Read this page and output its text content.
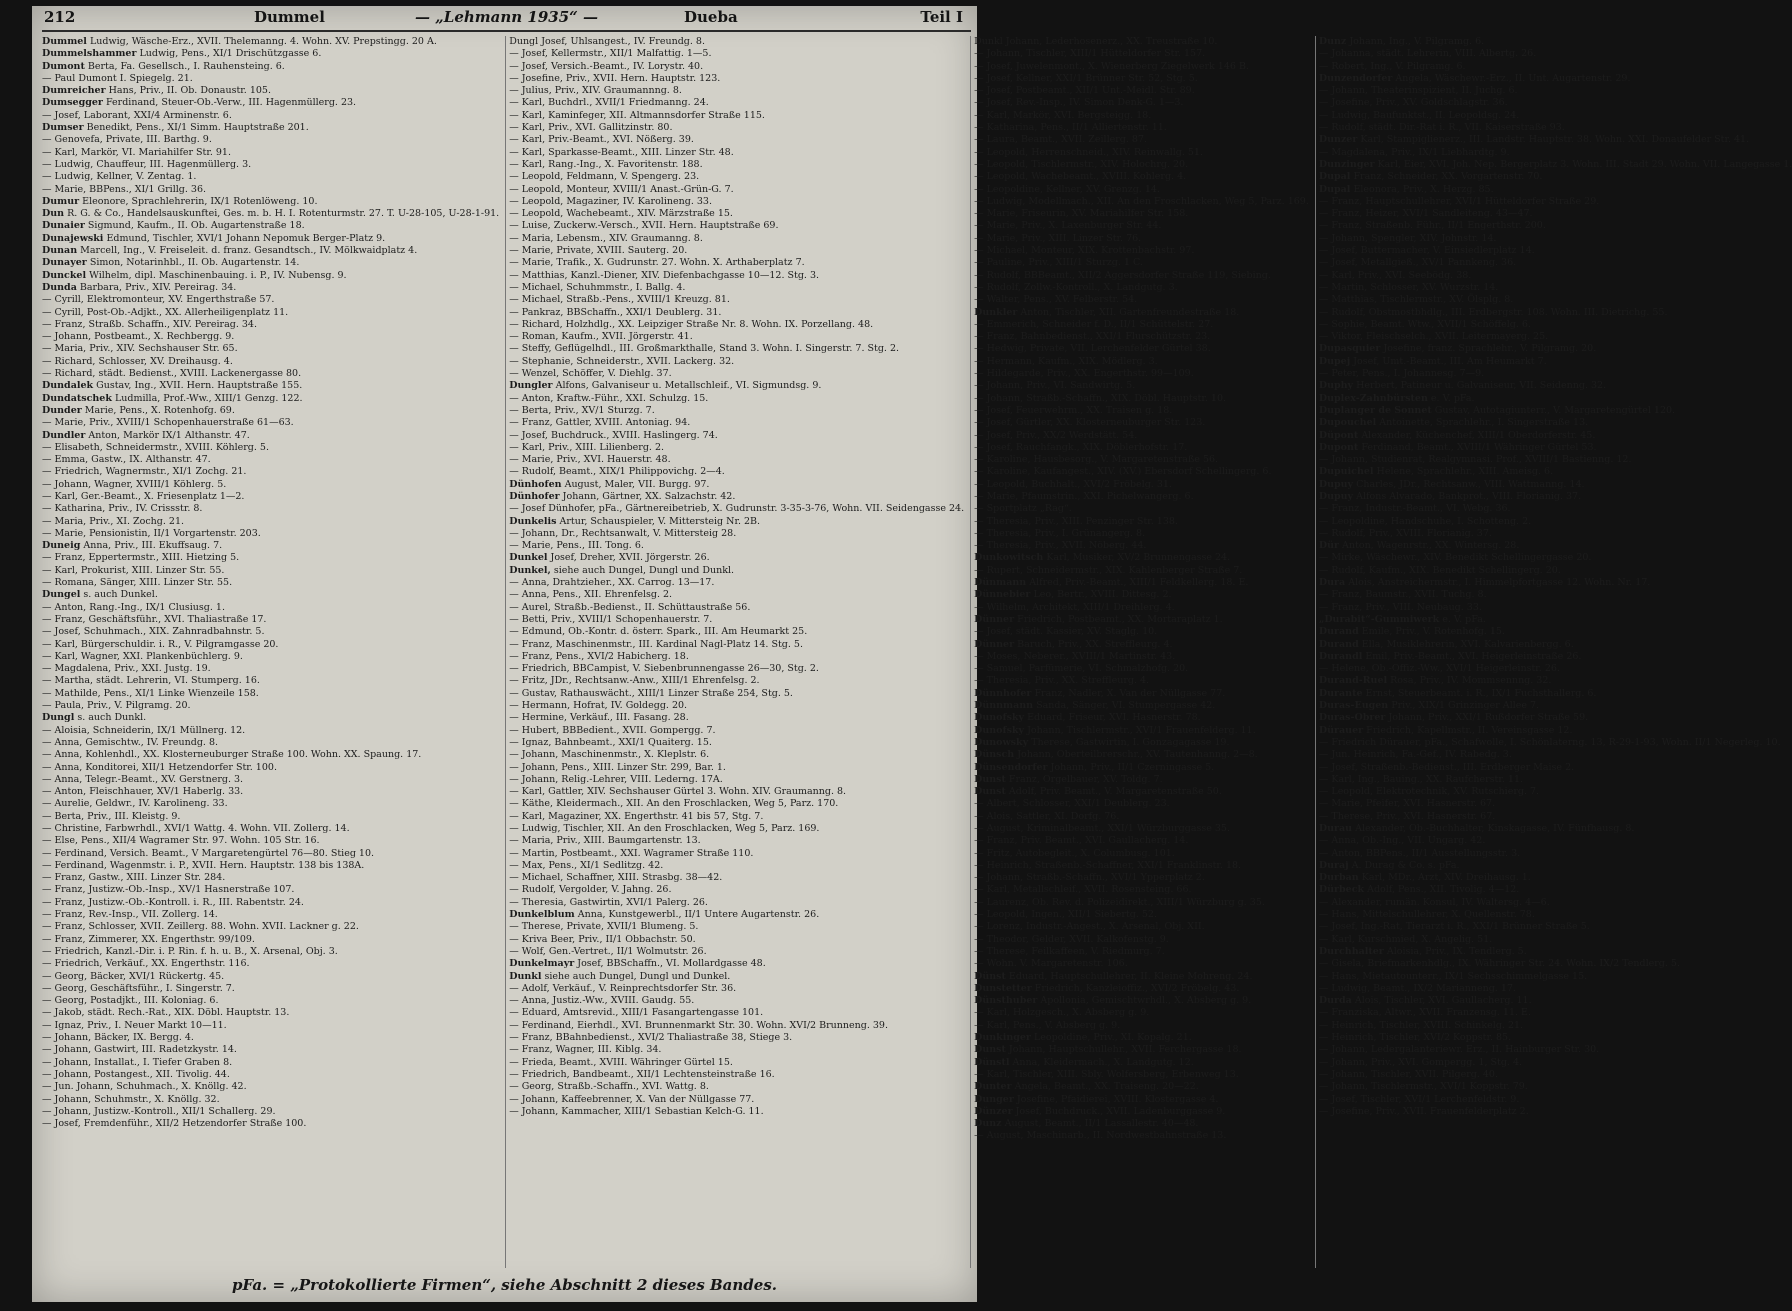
212	Dummel	— „Lehmann 1935“ —	Dueba	Teil I
Dummel Ludwig, Wäsche-Erz., XVII. Thelemanng. 4. Wohn. XV. Prepstingg. 20 A.
Dummelshammer Ludwig, Pens., XI/1 Drischützgasse 6.
Dumont Berta, Fa. Gesellsch., I. Rauhensteing. 6.
— Paul Dumont I. Spiegelg. 21.
Dumreicher Hans, Priv., II. Ob. Donaustr. 105.
Dumsegger Ferdinand, Steuer-Ob.-Verw., III. Hagenmüllerg. 23.
— Josef, Laborant, XXI/4 Arminenstr. 6.
Dumser Benedikt, Pens., XI/1 Simm. Hauptstraße 201.
— Genovefa, Private, III. Barthg. 9.
— Karl, Markör, VI. Mariahilfer Str. 91.
— Ludwig, Chauffeur, III. Hagenmüllerg. 3.
— Ludwig, Kellner, V. Zentag. 1.
— Marie, BBPens., XI/1 Grillg. 36.
Dumur Eleonore, Sprachlehrerin, IX/1 Rotenlöweng. 10.
Dun R. G. & Co., Handelsauskunftei, Ges. m. b. H. I. Rotenturmstr. 27. T. U-28-105, U-28-1-91.
Dunaier Sigmund, Kaufm., II. Ob. Augartenstraße 18.
Dunajewski Edmund, Tischler, XVI/1 Johann Nepomuk Berger-Platz 9.
Dunan Marcell, Ing., V. Freiseleit. d. franz. Gesandtsch., IV. Mölkwaidplatz 4.
Dunayer Simon, Notarinhbl., II. Ob. Augartenstr. 14.
Dunckel Wilhelm, dipl. Maschinenbauing. i. P., IV. Nubensg. 9.
Dunda Barbara, Priv., XIV. Pereirag. 34.
— Cyrill, Elektromonteur, XV. Engerthstraße 57.
— Cyrill, Post-Ob.-Adjkt., XX. Allerheiligenplatz 11.
— Franz, Straßb. Schaffn., XIV. Pereirag. 34.
— Johann, Postbeamt., X. Rechbergg. 9.
— Maria, Priv., XIV. Sechshauser Str. 65.
— Richard, Schlosser, XV. Dreihausg. 4.
— Richard, städt. Bedienst., XVIII. Lackenergasse 80.
Dundalek Gustav, Ing., XVII. Hern. Hauptstraße 155.
Dundatschek Ludmilla, Prof.-Ww., XIII/1 Genzg. 122.
Dunder Marie, Pens., X. Rotenhofg. 69.
— Marie, Priv., XVIII/1 Schopenhauerstraße 61—63.
Dundler Anton, Markör IX/1 Althanstr. 47.
— Elisabeth, Schneidermstr., XVIII. Köhlerg. 5.
— Emma, Gastw., IX. Althanstr. 47.
— Friedrich, Wagnermstr., XI/1 Zochg. 21.
— Johann, Wagner, XVIII/1 Köhlerg. 5.
— Karl, Ger.-Beamt., X. Friesenplatz 1—2.
— Katharina, Priv., IV. Crissstr. 8.
— Maria, Priv., XI. Zochg. 21.
— Marie, Pensionistin, II/1 Vorgartenstr. 203.
Duneig Anna, Priv., III. Ekuffsaug. 7.
— Franz, Eppertermstr., XIII. Hietzing 5.
— Karl, Prokurist, XIII. Linzer Str. 55.
— Romana, Sänger, XIII. Linzer Str. 55.
Dungel s. auch Dunkel.
— Anton, Rang.-Ing., IX/1 Clusiusg. 1.
— Franz, Geschäftsführ., XVI. Thaliastraße 17.
— Josef, Schuhmach., XIX. Zahnradbahnstr. 5.
— Karl, Bürgerschuldir. i. R., V. Pilgramgasse 20.
— Karl, Wagner, XXI. Plankenbüchlerg. 9.
— Magdalena, Priv., XXI. Justg. 19.
— Martha, städt. Lehrerin, VI. Stumperg. 16.
— Mathilde, Pens., XI/1 Linke Wienzeile 158.
— Paula, Priv., V. Pilgramg. 20.
Dungl s. auch Dunkl.
— Aloisia, Schneiderin, IX/1 Müllnerg. 12.
— Anna, Gemischtw., IV. Freundg. 8.
— Anna, Kohlenhdl., XX. Klosterneuburger Straße 100. Wohn. XX. Spaung. 17.
— Anna, Konditorei, XII/1 Hetzendorfer Str. 100.
— Anna, Telegr.-Beamt., XV. Gerstnerg. 3.
— Anton, Fleischhauer, XV/1 Haberlg. 33.
— Aurelie, Geldwr., IV. Karolineng. 33.
— Berta, Priv., III. Kleistg. 9.
— Christine, Farbwrhdl., XVI/1 Wattg. 4. Wohn. VII. Zollerg. 14.
— Else, Pens., XII/4 Wagramer Str. 97. Wohn. 105 Str. 16.
— Ferdinand, Versich. Beamt., V Margaretengürtel 76—80. Stieg 10.
— Ferdinand, Wagenmstr. i. P., XVII. Hern. Hauptstr. 138 bis 138A.
— Franz, Gastw., XIII. Linzer Str. 284.
— Franz, Justizw.-Ob.-Insp., XV/1 Hasnerstraße 107.
— Franz, Justizw.-Ob.-Kontroll. i. R., III. Rabentstr. 24.
— Franz, Rev.-Insp., VII. Zollerg. 14.
— Franz, Schlosser, XVII. Zeillerg. 88. Wohn. XVII. Lackner g. 22.
— Franz, Zimmerer, XX. Engerthstr. 99/109.
— Friedrich, Kanzl.-Dir. i. P. Rin. f. h. u. B., X. Arsenal, Obj. 3.
— Friedrich, Verkäuf., XX. Engerthstr. 116.
— Georg, Bäcker, XVI/1 Rückertg. 45.
— Georg, Geschäftsführ., I. Singerstr. 7.
— Georg, Postadjkt., III. Koloniag. 6.
— Jakob, städt. Rech.-Rat., XIX. Döbl. Hauptstr. 13.
— Ignaz, Priv., I. Neuer Markt 10—11.
— Johann, Bäcker, IX. Bergg. 4.
— Johann, Gastwirt, III. Radetzkystr. 14.
— Johann, Installat., I. Tiefer Graben 8.
— Johann, Postangest., XII. Tivolig. 44.
— Jun. Johann, Schuhmach., X. Knöllg. 42.
— Johann, Schuhmstr., X. Knöllg. 32.
— Johann, Justizw.-Kontroll., XII/1 Schallerg. 29.
— Josef, Fremdenführ., XII/2 Hetzendorfer Straße 100.
Dungl Josef, Uhlsangest., IV. Freundg. 8.
— Josef, Kellermstr., XII/1 Malfattig. 1—5.
— Josef, Versich.-Beamt., IV. Lorystr. 40.
— Josefine, Priv., XVII. Hern. Hauptstr. 123.
— Julius, Priv., XIV. Graumannng. 8.
— Karl, Buchdrl., XVII/1 Friedmanng. 24.
— Karl, Kaminfeger, XII. Altmannsdorfer Straße 115.
— Karl, Priv., XVI. Gallitzinstr. 80.
— Karl, Priv.-Beamt., XVI. Nößerg. 39.
— Karl, Sparkasse-Beamt., XIII. Linzer Str. 48.
— Karl, Rang.-Ing., X. Favoritenstr. 188.
— Leopold, Feldmann, V. Spengerg. 23.
— Leopold, Monteur, XVIII/1 Anast.-Grün-G. 7.
— Leopold, Magaziner, IV. Karolineng. 33.
— Leopold, Wachebeamt., XIV. Märzstraße 15.
— Luise, Zuckerw.-Versch., XVII. Hern. Hauptstraße 69.
— Maria, Lebensm., XIV. Graumanng. 8.
— Marie, Private, XVIII. Sauterg. 20.
— Marie, Trafik., X. Gudrunstr. 27. Wohn. X. Arthaberplatz 7.
— Matthias, Kanzl.-Diener, XIV. Diefenbachgasse 10—12. Stg. 3.
— Michael, Schuhmmstr., I. Ballg. 4.
— Michael, Straßb.-Pens., XVIII/1 Kreuzg. 81.
— Pankraz, BBSchaffn., XXI/1 Deublerg. 31.
— Richard, Holzhdlg., XX. Leipziger Straße Nr. 8. Wohn. IX. Porzellang. 48.
— Roman, Kaufm., XVII. Jörgerstr. 41.
— Steffy, Geflügelhdl., III. Großmarkthalle, Stand 3. Wohn. I. Singerstr. 7. Stg. 2.
— Stephanie, Schneiderstr., XVII. Lackerg. 32.
— Wenzel, Schöffer, V. Diehlg. 37.
Dungler Alfons, Galvaniseur u. Metallschleif., VI. Sigmundsg. 9.
— Anton, Kraftw.-Führ., XXI. Schulzg. 15.
— Berta, Priv., XV/1 Sturzg. 7.
— Franz, Gattler, XVIII. Antoniag. 94.
— Josef, Buchdruck., XVIII. Haslingerg. 74.
— Karl, Priv., XIII. Lilienberg. 2.
— Marie, Priv., XVI. Hauerstr. 48.
— Rudolf, Beamt., XIX/1 Philippovichg. 2—4.
Dünhofen August, Maler, VII. Burgg. 97.
Dünhofer Johann, Gärtner, XX. Salzachstr. 42.
— Josef Dünhofer, pFa., Gärtnereibetrieb, X. Gudrunstr. 3-35-3-76, Wohn. VII. Seidengasse 24.
Dunkelis Artur, Schauspieler, V. Mittersteig Nr. 2B.
— Johann, Dr., Rechtsanwalt, V. Mittersteig 28.
— Marie, Pens., III. Tong. 6.
Dunkel Josef, Dreher, XVII. Jörgerstr. 26.
Dunkel, siehe auch Dungel, Dungl und Dunkl.
— Anna, Drahtzieher., XX. Carrog. 13—17.
— Anna, Pens., XII. Ehrenfelsg. 2.
— Aurel, Straßb.-Bedienst., II. Schüttaustraße 56.
— Betti, Priv., XVIII/1 Schopenhauerstr. 7.
— Edmund, Ob.-Kontr. d. österr. Spark., III. Am Heumarkt 25.
— Franz, Maschinenmstr., III. Kardinal Nagl-Platz 14. Stg. 5.
— Franz, Pens., XVI/2 Habicherg. 18.
— Friedrich, BBCampist, V. Siebenbrunnengasse 26—30, Stg. 2.
— Fritz, JDr., Rechtsanw.-Anw., XIII/1 Ehrenfelsg. 2.
— Gustav, Rathauswächt., XIII/1 Linzer Straße 254, Stg. 5.
— Hermann, Hofrat, IV. Goldegg. 20.
— Hermine, Verkäuf., III. Fasang. 28.
— Hubert, BBBedient., XVII. Gompergg. 7.
— Ignaz, Bahnbeamt., XXI/1 Quaiterg. 15.
— Johann, Maschinenmstr., X. Kleplstr. 6.
— Johann, Pens., XIII. Linzer Str. 299, Bar. 1.
— Johann, Relig.-Lehrer, VIII. Lederng. 17A.
— Karl, Gattler, XIV. Sechshauser Gürtel 3. Wohn. XIV. Graumanng. 8.
— Käthe, Kleidermach., XII. An den Froschlacken, Weg 5, Parz. 170.
— Karl, Magaziner, XX. Engerthstr. 41 bis 57, Stg. 7.
— Ludwig, Tischler, XII. An den Froschlacken, Weg 5, Parz. 169.
— Maria, Priv., XIII. Baumgartenstr. 13.
— Martin, Postbeamt., XXI. Wagramer Straße 110.
— Max, Pens., XI/1 Sedlitzg. 42.
— Michael, Schaffner, XIII. Strasbg. 38—42.
— Rudolf, Vergolder, V. Jahng. 26.
— Theresia, Gastwirtin, XVI/1 Palerg. 26.
Dunkelblum Anna, Kunstgewerbl., II/1 Untere Augartenstr. 26.
— Therese, Private, XVII/1 Blumeng. 5.
— Kriva Beer, Priv., II/1 Obbachstr. 50.
— Wolf, Gen.-Vertret., II/1 Wolmutstr. 26.
Dunkelmayr Josef, BBSchaffn., VI. Mollardgasse 48.
Dunkl siehe auch Dungel, Dungl und Dunkel.
— Adolf, Verkäuf., V. Reinprechtsdorfer Str. 36.
— Anna, Justiz.-Ww., XVIII. Gaudg. 55.
— Eduard, Amtsrevid., XIII/1 Fasangartengasse 101.
— Ferdinand, Eierhdl., XVI. Brunnenmarkt Str. 30. Wohn. XVI/2 Brunneng. 39.
— Franz, BBahnbedienst., XVI/2 Thaliastraße 38, Stiege 3.
— Franz, Wagner, III. Kiblg. 34.
— Frieda, Beamt., XVIII. Währinger Gürtel 15.
— Friedrich, Bandbeamt., XII/1 Lechtensteinstraße 16.
— Georg, Straßb.-Schaffn., XVI. Wattg. 8.
— Johann, Kaffeebrenner, X. Van der Nüllgasse 77.
— Johann, Kammacher, XIII/1 Sebastian Kelch-G. 11.
Dunkl Johann, Lederhosenerz., XX. Treustraße 10.
— Johann, Tischler, XIII/1 Hütteldorfer Str. 157.
— Josef, Juwelenmont., X. Wienerberg Ziegelwerk 146 B.
— Josef, Kellner, XXI/1 Brünner Str. 52, Stg. 5.
— Josef, Postbeamt., XII/1 Unt.-Meidl. Str. 89.
— Josef, Rev.-Insp., IV. Simon Denk-G. 1—3.
— Karl, Markör, XVI. Bergsteigg. 18.
— Katharina, Pens., II/1 Alliertenstr. 11.
— Laura, Beamt., XVII. Zeillerg. 87.
— Leopold, Herrenschneid., XIV. Reinwallg. 51.
— Leopold, Tischlermstr., XIV. Holochrg. 20.
— Leopold, Wachebeamt., XVIII. Kohlerg. 4.
— Leopoldine, Kellner, XV. Grenzg. 14.
— Ludwig, Modellmach., XII. An den Froschlacken, Weg 5, Parz. 169.
— Marie, Friseurin, XV. Mariahilfer Str. 158.
— Marie, Priv., X. Laxenburger Str. 44.
— Marie, Priv., XIII. Linzer Str. 76.
— Michael, Monteur, XIX. Krottenbachstr. 97.
— Pauline, Priv., XIII/1 Sturzg. 1 C.
— Rudolf, BBBeamt., XII/2 Aggersdorfer Straße 119, Siebing.
— Rudolf, Zollw.-Kontroll., X. Landgutg. 3.
— Walter, Pens., XV. Felberstr. 54.
Dunkler Anton, Tischler, XII. Gartenfreundestraße 18.
— Emmerich, Schneider f. D., II/1 Schüttelstr. 27.
— Franz, Bahnbedienst., XXI/1 Flurschützstr. 23.
— Hedwig, Private, VII. Lerchenfelder Gürtel 38.
— Hermann, Kaufm., XIX. Mödlerg. 3.
— Hildegarde, Priv., XX. Engerthstr. 99—109.
— Johann, Priv., VI. Sandwirtg. 5.
— Johann, Straßb.-Schaffn., XIX. Döbl. Hauptstr. 10.
— Josef, Feuerwehrm., XX. Traisen g. 18.
— Josef, Gürtler, XX. Klosterneuburger Str. 123.
— Josef, Priv., XX/2 Werdstätt. 54.
— Josef, Rauchfangk., XIX. Döblerhofstr. 17.
— Karoline, Hausbesorg., V. Margaretenstraße 56.
— Karoline, Kaufangest., XIV. (XV.) Ebersdorf Schellingerg. 6.
— Leopold, Buchhalt., XVI/2 Fröbelg. 31.
— Marie, Pfaumstrin., XXI. Pichelwangerg. 6.
— Sportplatz „Rag“.
— Theresia, Priv., XIII. Penzinger Str. 138.
— Theresia, Priv., I. Grünangerg. 8.
— Theresia, Priv., XVII. Nöberg. 44.
Dunkowitsch Karl, Musiker, XV/2 Brunnengasse 24.
— Rupert, Schneidermstr., XIX. Kahlenberger Straße 7.
Dünmann Alfred, Priv.-Beamt., XIII/1 Feldkellerg. 18. E.
Dünnebier Leo, Bertr., XVIII. Dittesg. 2.
— Wilhelm, Architekt, XIII/1 Dreihlerg. 4.
Dünner Friedrich, Postbeamt., XX. Mortaraplatz 1.
— Josef, städt. Kassier, XV. Staglg. 10.
Dünner Baruch, Priv., XX. Streffleurg. 4.
— Moses, Neberer., XVIII/1 Martinstr. 43.
— Samuel, Parfümerie, VI. Schmalzhofg. 20.
— Theresia, Priv., XX. Streffleurg. 4.
Dünnhofer Franz, Nadler, X. Van der Nüllgasse 77.
Dünnmann Sanda, Sänger, VI. Stumpergasse 42.
Dunofsky Eduard, Friseur, XVI. Hasnerstr. 78.
Dunofsky Johann, Tischlermstr., XVI/1 Frauenfelderg. 11.
Dunowsky Therese, Gastwirtin, I. Gonzagagasse 19.
Dünsch Johann, Oberteilbrerschr., XV. Tautenhanng. 2—8.
Dünsendorfer Johann, Priv., II/1 Czerningasse 5.
Dunst Franz, Orgelbauer, XV. Toldg. 7.
Dunst Adolf, Priv. Beamt., V. Margaretenstraße 50.
— Albert, Schlosser, XXI/1 Deublerg. 23.
— Alois, Sattler, XI. Dorfg. 76.
— August, Kriminalbeamt., XXI/1 Würzburggasse 35.
— Franz, Priv. Beamt., XVI. Gaullacherg. 14.
— Fritz, Autobegleit., X. Columbusg. 101.
— Heinrich, Straßenb.-Schaffner, XXI/1 Franklinstr. 18.
— Johann, Straßb.-Schaffn., XVI/1 Ypperplatz 2.
— Karl, Metallschleif., XVII. Rosensteing. 66.
— Laurenz, Ob. Rev. d. Polizeidirekt., XIII/1 Würzburg g. 35.
— Leopold, Ingen., XII/1 Siebertg. 52.
— Lorenz, Industr.-Angest., X. Arsenal, Obj. XII.
— Theodor, Gelder, XVII. Kalkofenstg. 9.
— Therese, Feilkaffeen, V. Riedmurg. 7.
— Wohn. V. Margaretenstr. 106.
Dünst Eduard, Hauptschullehrer, II. Kleine Mohreng. 24.
Dunstetter Friedrich, Kanzleioffiz., XVI/2 Fröbelg. 43.
Dünsthuber Apollonia, Gemischtwrhdl., X. Absberg g. 9.
— Karl, Holzgesch., X. Absberg g. 9.
— Karl, Pens., V. Absberg g. 9.
Dunkinger Leopoldine, Priv., XI. Kopalg. 21.
Dunst Johann, Hauptschullehr., XVII. Ferchergasse 18.
Dünstl Anna, Kleidermach., X. Landgutg. 12.
— Karl, Tischler, XIII. Sbly. Wolfersberg, Erbenweg 13.
Dunter Angela, Beamt., XX. Traiseng. 20—22.
Dunger Josefine, Pfaidierei, XVIII. Klostergasse 4.
Dünzer Josef, Buchdruck., XVII. Ladenburggasse 9.
Dunz August, Beamt., II/1 Lassallestr. 40—48.
— August, Maschinarb., II. Nordwestbahnstraße 13.
Dunz Johann, Ing., V. Pilgramg. 6.
— Johanna, städt. Lehrerin, VIII. Albertg. 26.
— Robert, Ing., V. Pilgramg. 6.
Dunzendorfer Angela, Wäschewr.-Erz., II. Unt. Augartenstr. 29.
— Johann, Theaterinspizient, II. Juchg. 6.
— Josefine, Priv., XV. Goldschlagstr. 36.
— Ludwig, Baufunktst., II. Leopoldsg. 24.
— Rudolf, städt. Dir.-Rat i. R., VII. Kaiserstraße 93.
Dunzer Karl, Stampiglienerz., III. Landstr. Hauptstr. 38. Wohn. XXI. Donaufelder Str. 41.
— Magdalena, Priv., IX/1 Liebhardtg. 9.
Dunzinger Karl, Eier, XVI. Joh. Nep. Bergerplatz 3. Wohn. III. Stadt 29. Wohn. VII. Langegasse 1.
Dupal Franz, Schneider, XX. Vorgartenstr. 70.
Dupal Eleonora, Priv., X. Herzg. 85.
— Franz, Hauptschullehrer, XVI/1 Hütteldorfer Straße 29.
— Franz, Heizer, XVI/1 Sandleiteng. 43—47.
— Franz, Straßenb. Führ., II/1 Engerthstr. 200.
— Johann, Spengler, XIV. Johnstr. 14.
— Josef, Buttermacher, V. Einsiedlerplatz 14.
— Josef, Metallgieß., XV/1 Pannkeng. 36.
— Karl, Priv., XVI. Seebödg. 38.
— Martin, Schlosser, XV. Wurzstr. 14.
— Matthias, Tischlermstr., XV. Ölsplg. 8.
— Rudolf, Obstmostbhdlg., III. Erdbergstr. 108. Wohn. III. Dietrichg. 55.
— Sophie, Beamt. Wtw., XVII/1 Schöffelg. 6.
— Viktor, Fleischselch., XVII. Leitermayerg. 25.
Dupasquier Josefine, franz. Sprachlehr., V. Pilgramg. 20.
Dupej Josef, Umt.-Beamt., III. Am Heumarkt 7.
— Peter, Pens., I. Johannesg. 7—9.
Duphy Herbert, Patineur u. Galvaniseur, VII. Seidenng. 32.
Duplex-Zahnbürsten e. V. pFa.
Duplanger de Sonnet Gustav, Autotagiunterr., V. Margaretengürtel 120.
Dupouchel Antoinette, Sprachlehr., I. Singerstraße 13.
Düpont Alexander, Küchenchef, XIII/1 Oberdorferstr. 45.
Dupont Ferdinand, Beamt., XVIII/1 Währinger Gürtel 53.
— Johann, Studienrat, Realgymnasi. Prof., XVIII/1 Bastienng. 12.
Dupuichel Helene, Sprachlehr., XIII. Ameisg. 6.
Dupuy Charles, JDr., Rechtsanw., VIII. Wattmanng. 14.
Dupuy Alfons Alvarado, Bankprot., VIII. Florianig. 37.
— Franz, Industr.-Beamt., VI. Webg. 36.
— Leopoldine, Handschuhe, I. Schotteng. 2.
— Rudolf, Priv., XVIII. Florianig. 37.
Dür Anton, Wagenrstr., XX. Wintersg. 28.
— Mirke, Wäschewr., XIV. Benedikt Schellingergasse 20.
— Rudolf, Kaufm., XIX. Benedikt Schellingerg. 20.
Dura Alois, Anstreichermstr., I. Himmelpfortgasse 12. Wohn. Nr. 17.
— Franz, Baumstr., XVII. Tuchg. 8.
— Franz, Priv., VIII. Neubaug. 33.
„Durabit“-Gummiwerk e. V. pFa.
Durand Emile, Priv., V. Rotenhofg. 15.
Durand Ella, Musiklehrerin, XVI. Kalvarienbergg. 6.
Durandl Emil, Priv.-Beamt., XVI. Heigerleinstraße 26.
— Helene, Ob.-Offiz.-Ww., XVI/1 Heigerleinstr. 26.
Durand-Ruel Rosa, Priv., IV. Mommsennng. 32.
Durante Ernst, Steuerbeamt. i. R., IX/1 Fuchsthallerg. 6.
Duras-Eugen Priv., XIX/1 Grinzinger Allee 7.
Duras-Obrer Johann, Priv., XXI/1 Rußdorfer Straße 59.
Dürauer Friedrich, Kapellmstr., II. Vereinsgasse 12.
— Friedrich Dürauer, pFa., Schafwolle, I. Schönlaterng. 13, R-29-1-93, Wohn. II/1 Negerleg. 10.
— Jun. Heinrich, Fa.-Gef., IV. Rabedg. 3.
— Josef, Straßenb.-Bedienst., III. Erdberger Maise 2.
— Karl, Ing., Bauing., XX. Raufcherstr. 11.
— Leopold, Elektrotechnik, XV. Rutschierg. 7.
— Marie, Pfeifer, XVI. Hasnerstr. 67.
— Therese, Priv., XVI. Hasnerstr. 67.
Durau Alexander, Ob.-Buchhalter, Kinskagasse, IV. Fünfhausg. 8.
— Anna, Ob.-Ing., VII. Ungarg. 42.
— Anton, BBPens., II/1 Ausstellungsstr. 3.
Duraj A. Durag & Co. s. pFa.
Durban Karl, MDr., Arzt, XIV. Dreihausg. 1.
Dürbeck Adolf, Pens., XII. Tivolig. 4—12.
— Alexander, rumän. Konsul, IV. Waltersg. 4—6.
— Hans, Mittelschullehrer, X. Quellenstr. 78.
— Josef, Ing.-Rat, Tierarzt i. R., XXI/1 Brünner Straße 5.
— Karl, Kurschmied, X. Angelig. 51.
Durchhalter Aloisia, Priv., IX. Tendlerg. 5.
— Gisela, Briefmarkenhdlg., IX. Währinger Str. 24. Wohn. IX/2 Tendlerg. 5.
— Hans, Mietautounterr., IX/1 Sechsschimmelgasse 15.
— Ludwig, Beamt., IX/2 Marianneng. 17.
Durda Alois, Tischler, XVI. Gaullacherg. 11.
— Franziska, Altwr., XVII. Franzensg. 11. E.
— Heinrich, Tischler, XVIII. Schinkelg. 21.
— Heinrich, Tischler, XVI/2 Koppstr. 85.
— Johann, Ledergalanteriewr. Erz., II. Hainburger Str. 30.
— Johann, Priv., XVI. Gompergg. 1, Stg. 4.
— Johann, Tischler, XVII. Pilgerg. 40.
— Johann, Tischlermstr., XVI/1 Koppstr. 79.
— Josef, Tischler, XVI/1 Lerchenfeldstr. 9.
— Josefine, Priv., XVII. Frauenfelderplatz 2.
pFa. = „Protokollierte Firmen“, siehe Abschnitt 2 dieses Bandes.
